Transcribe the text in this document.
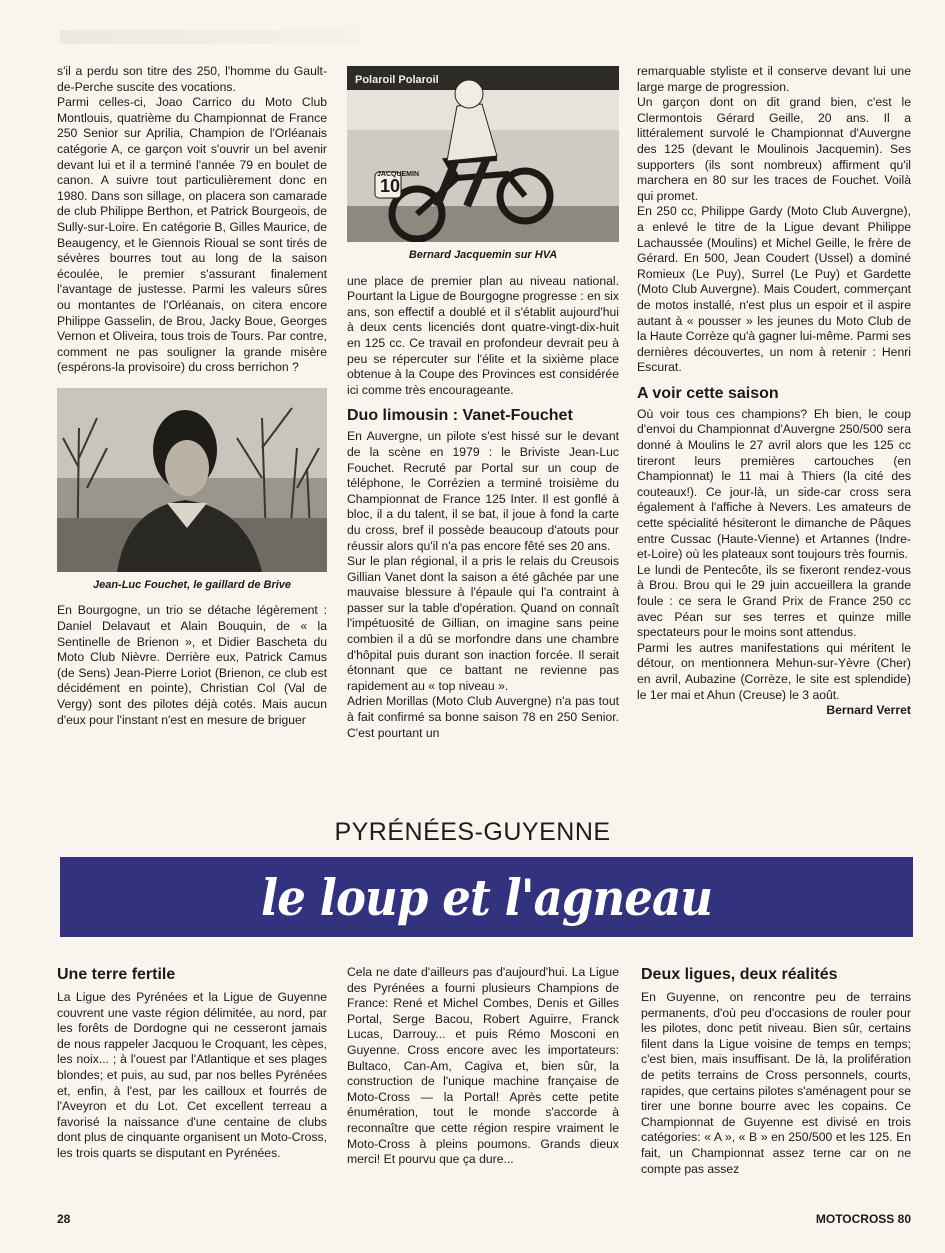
s'il a perdu son titre des 250, l'homme du Gault-de-Perche suscite des vocations.

Parmi celles-ci, Joao Carrico du Moto Club Montlouis, quatrième du Championnat de France 250 Senior sur Aprilia, Champion de l'Orléanais catégorie A, ce garçon voit s'ouvrir un bel avenir devant lui et il a terminé l'année 79 en boulet de canon. A suivre tout particulièrement donc en 1980. Dans son sillage, on placera son camarade de club Philippe Berthon, et Patrick Bourgeois, de Sully-sur-Loire. En catégorie B, Gilles Maurice, de Beaugency, et le Giennois Rioual se sont tirés de sévères bourres tout au long de la saison écoulée, le premier s'assurant finalement l'avantage de justesse. Parmi les valeurs sûres ou montantes de l'Orléanais, on citera encore Philippe Gasselin, de Brou, Jacky Boue, Georges Vernon et Oliveira, tous trois de Tours. Par contre, comment ne pas souligner la grande misère (espérons-la provisoire) du cross berrichon ?

Jean-Luc Fouchet, le gaillard de Brive

En Bourgogne, un trio se détache légèrement : Daniel Delavaut et Alain Bouquin, de « la Sentinelle de Brienon », et Didier Bascheta du Moto Club Nièvre. Derrière eux, Patrick Camus (de Sens) Jean-Pierre Loriot (Brienon, ce club est décidément en pointe), Christian Col (Val de Vergy) sont des pilotes déjà cotés. Mais aucun d'eux pour l'instant n'est en mesure de briguer

Polaroil Polaroil
10
JACQUEMIN
Bernard Jacquemin sur HVA

une place de premier plan au niveau national. Pourtant la Ligue de Bourgogne progresse : en six ans, son effectif a doublé et il s'établit aujourd'hui à deux cents licenciés dont quatre-vingt-dix-huit en 125 cc. Ce travail en profondeur devrait peu à peu se répercuter sur l'élite et la sixième place obtenue à la Coupe des Provinces est considérée ici comme très encourageante.

Duo limousin : Vanet-Fouchet

En Auvergne, un pilote s'est hissé sur le devant de la scène en 1979 : le Briviste Jean-Luc Fouchet. Recruté par Portal sur un coup de téléphone, le Corrézien a terminé troisième du Championnat de France 125 Inter. Il est gonflé à bloc, il a du talent, il se bat, il joue à fond la carte du cross, bref il possède beaucoup d'atouts pour réussir alors qu'il n'a pas encore fêté ses 20 ans.

Sur le plan régional, il a pris le relais du Creusois Gillian Vanet dont la saison a été gâchée par une mauvaise blessure à l'épaule qui l'a contraint à passer sur la table d'opération. Quand on connaît l'impétuosité de Gillian, on imagine sans peine combien il a dû se morfondre dans une chambre d'hôpital puis durant son inaction forcée. Il serait étonnant que ce battant ne revienne pas rapidement au « top niveau ».

Adrien Morillas (Moto Club Auvergne) n'a pas tout à fait confirmé sa bonne saison 78 en 250 Senior. C'est pourtant un

remarquable styliste et il conserve devant lui une large marge de progression.

Un garçon dont on dit grand bien, c'est le Clermontois Gérard Geille, 20 ans. Il a littéralement survolé le Championnat d'Auvergne des 125 (devant le Moulinois Jacquemin). Ses supporters (ils sont nombreux) affirment qu'il marchera en 80 sur les traces de Fouchet. Voilà qui promet.

En 250 cc, Philippe Gardy (Moto Club Auvergne), a enlevé le titre de la Ligue devant Philippe Lachaussée (Moulins) et Michel Geille, le frère de Gérard. En 500, Jean Coudert (Ussel) a dominé Romieux (Le Puy), Surrel (Le Puy) et Gardette (Moto Club Auvergne). Mais Coudert, commerçant de motos installé, n'est plus un espoir et il aspire autant à « pousser » les jeunes du Moto Club de la Haute Corrèze qu'à gagner lui-même. Parmi ses dernières découvertes, un nom à retenir : Henri Escurat.

A voir cette saison

Où voir tous ces champions? Eh bien, le coup d'envoi du Championnat d'Auvergne 250/500 sera donné à Moulins le 27 avril alors que les 125 cc tireront leurs premières cartouches (en Championnat) le 11 mai à Thiers (la cité des couteaux!). Ce jour-là, un side-car cross sera également à l'affiche à Nevers. Les amateurs de cette spécialité hésiteront le dimanche de Pâques entre Cussac (Haute-Vienne) et Artannes (Indre-et-Loire) où les plateaux sont toujours très fournis.

Le lundi de Pentecôte, ils se fixeront rendez-vous à Brou. Brou qui le 29 juin accueillera la grande foule : ce sera le Grand Prix de France 250 cc avec Péan sur ses terres et quinze mille spectateurs pour le moins sont attendus.

Parmi les autres manifestations qui méritent le détour, on mentionnera Mehun-sur-Yèvre (Cher) en avril, Aubazine (Corrèze, le site est splendide) le 1er mai et Ahun (Creuse) le 3 août.

Bernard Verret

PYRÉNÉES-GUYENNE
le loup et l'agneau
Une terre fertile

La Ligue des Pyrénées et la Ligue de Guyenne couvrent une vaste région délimitée, au nord, par les forêts de Dordogne qui ne cesseront jamais de nous rappeler Jacquou le Croquant, les cèpes, les noix... ; à l'ouest par l'Atlantique et ses plages blondes; et puis, au sud, par nos belles Pyrénées et, enfin, à l'est, par les cailloux et fourrés de l'Aveyron et du Lot. Cet excellent terreau a favorisé la naissance d'une centaine de clubs dont plus de cinquante organisent un Moto-Cross, les trois quarts se disputant en Pyrénées.

Cela ne date d'ailleurs pas d'aujourd'hui. La Ligue des Pyrénées a fourni plusieurs Champions de France: René et Michel Combes, Denis et Gilles Portal, Serge Bacou, Robert Aguirre, Franck Lucas, Darrouy... et puis Rémo Mosconi en Guyenne. Cross encore avec les importateurs: Bultaco, Can-Am, Cagiva et, bien sûr, la construction de l'unique machine française de Moto-Cross — la Portal! Après cette petite énumération, tout le monde s'accorde à reconnaître que cette région respire vraiment le Moto-Cross à pleins poumons. Grands dieux merci! Et pourvu que ça dure...

Deux ligues, deux réalités

En Guyenne, on rencontre peu de terrains permanents, d'où peu d'occasions de rouler pour les pilotes, donc petit niveau. Bien sûr, certains filent dans la Ligue voisine de temps en temps; c'est bien, mais insuffisant. De là, la prolifération de petits terrains de Cross personnels, courts, rapides, que certains pilotes s'aménagent pour se tirer une bonne bourre avec les copains. Ce Championnat de Guyenne est divisé en trois catégories: « A », « B » en 250/500 et les 125. En fait, un Championnat assez terne car on ne compte pas assez

28	MOTOCROSS 80
